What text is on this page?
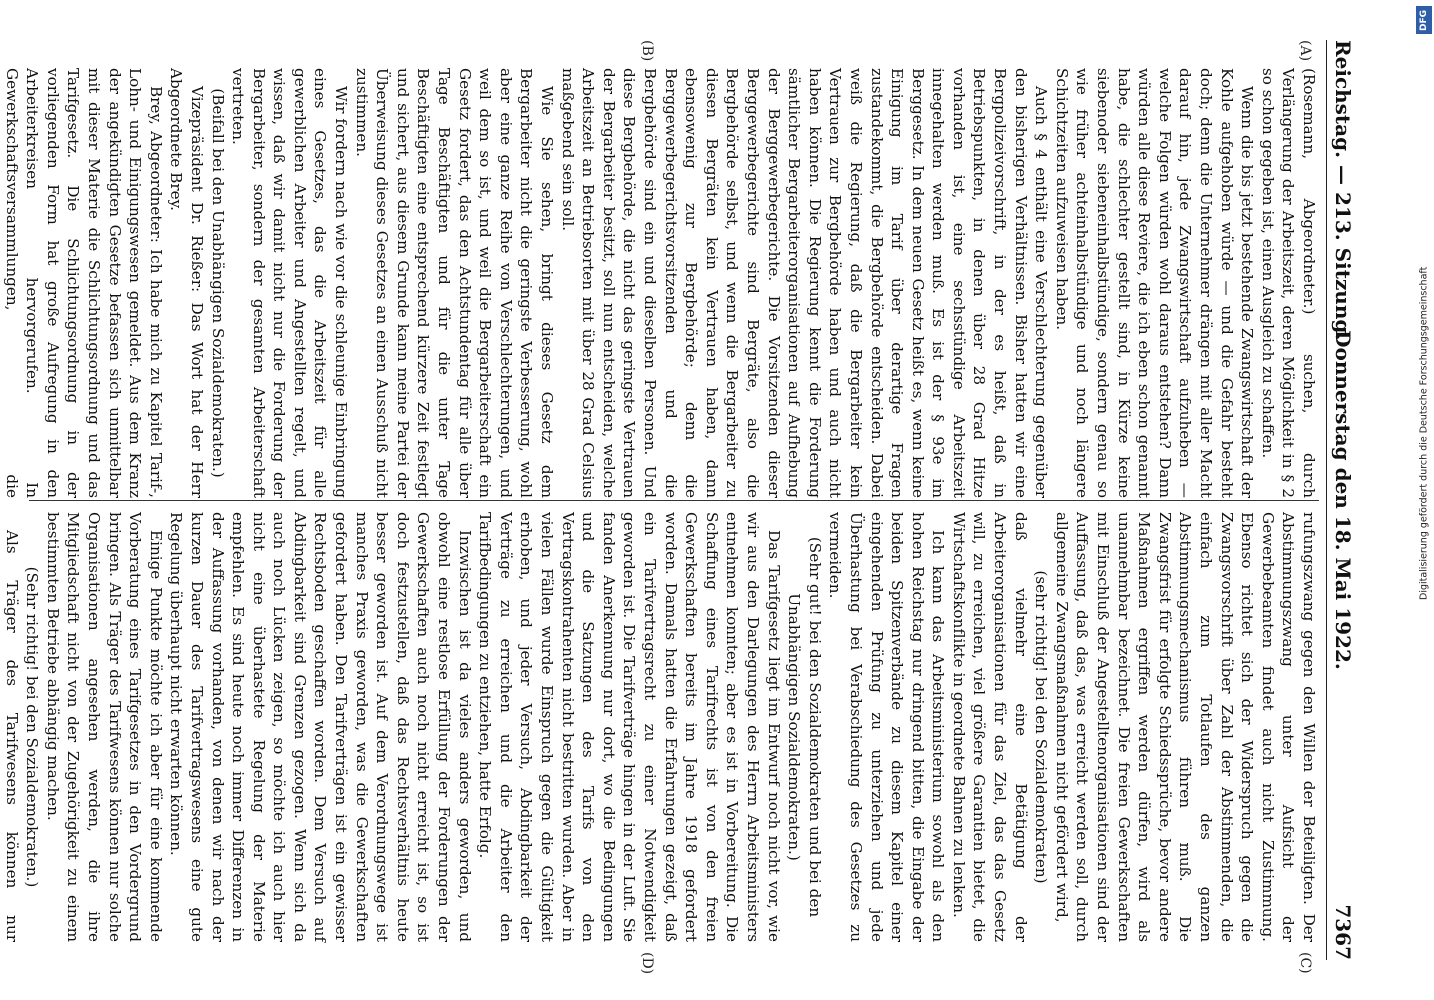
Reichstag. — 213. Sitzung.
Donnerstag den 18. Mai 1922.
7367
(A)
(B)
(C)
(D)

(Rosemann, Abgeordneter.) suchen, durch Verlängerung der Arbeitszeit, deren Möglichkeit in § 2 so schon gegeben ist, einen Ausgleich zu schaffen.

Wenn die bis jetzt bestehende Zwangswirtschaft der Kohle aufgehoben würde — und die Gefahr besteht doch; denn die Unternehmer drängen mit aller Macht darauf hin, jede Zwangswirtschaft aufzuheben — welche Folgen würden wohl daraus entstehen? Dann würden alle diese Reviere, die ich eben schon genannt habe, die schlechter gestellt sind, in Kürze keine siebenoder siebeneinhalbstündige, sondern genau so wie früher achteinhalbstündige und noch längere Schichtzeiten aufzuweisen haben.

Auch § 4 enthält eine Verschlechterung gegenüber den bisherigen Verhältnissen. Bisher hatten wir eine Bergpolizeivorschrift, in der es heißt, daß in Betriebspunkten, in denen über 28 Grad Hitze vorhanden ist, eine sechsstündige Arbeitszeit innegehalten werden muß. Es ist der § 93e im Berggesetz. In dem neuen Gesetz heißt es, wenn keine Einigung im Tarif über derartige Fragen zustandekommt, die Bergbehörde entscheiden. Dabei weiß die Regierung, daß die Bergarbeiter kein Vertrauen zur Bergbehörde haben und auch nicht haben können. Die Regierung kennt die Forderung sämtlicher Bergarbeiterorganisationen auf Aufhebung der Berggewerbegerichte. Die Vorsitzenden dieser Berggewerbegerichte sind Bergräte, also die Bergbehörde selbst, und wenn die Bergarbeiter zu diesen Bergräten kein Vertrauen haben, dann ebensowenig zur Bergbehörde; denn die Berggewerbegerichtsvorsitzenden und die Bergbehörde sind ein und dieselben Personen. Und diese Bergbehörde, die nicht das geringste Vertrauen der Bergarbeiter besitzt, soll nun entscheiden, welche Arbeitszeit an Betriebsorten mit über 28 Grad Celsius maßgebend sein soll.

Wie Sie sehen, bringt dieses Gesetz dem Bergarbeiter nicht die geringste Verbesserung, wohl aber eine ganze Reihe von Verschlechterungen, und weil dem so ist, und weil die Bergarbeiterschaft ein Gesetz fordert, das den Achtstundentag für alle über Tage Beschäftigten und für die unter Tage Beschäftigten eine entsprechend kürzere Zeit festlegt und sichert, aus diesem Grunde kann meine Partei der Überweisung dieses Gesetzes an einen Ausschuß nicht zustimmen.

Wir fordern nach wie vor die schleunige Einbringung eines Gesetzes, das die Arbeitszeit für alle gewerblichen Arbeiter und Angestellten regelt, und wissen, daß wir damit nicht nur die Forderung der Bergarbeiter, sondern der gesamten Arbeiterschaft vertreten.

(Beifall bei den Unabhängigen Sozialdemokraten.)

Vizepräsident Dr. Rießer: Das Wort hat der Herr Abgeordnete Brey.

Brey, Abgeordneter: Ich habe mich zu Kapitel Tarif-, Lohn- und Einigungswesen gemeldet. Aus dem Kranz der angekündigten Gesetze befassen sich unmittelbar mit dieser Materie die Schlichtungsordnung und das Tarifgesetz. Die Schlichtungsordnung in der vorliegenden Form hat große Aufregung in den Arbeiterkreisen hervorgerufen. In Gewerkschaftsversammlungen, die

rufungszwang gegen den Willen der Beteiligten. Der Abstimmungszwang unter Aufsicht der Gewerbebeamten findet auch nicht Zustimmung. Ebenso richtet sich der Widerspruch gegen die Zwangsvorschrift über Zahl der Abstimmenden, die einfach zum Totlaufen des ganzen Abstimmungsmechanismus führen muß. Die Zwangsfrist für erfolgte Schiedssprüche, bevor andere Maßnahmen ergriffen werden dürfen, wird als unannehmbar bezeichnet. Die freien Gewerkschaften mit Einschluß der Angestelltenorganisationen sind der Auffassung, daß das, was erreicht werden soll, durch allgemeine Zwangsmaßnahmen nicht gefördert wird,

(sehr richtig! bei den Sozialdemokraten)

daß vielmehr eine Betätigung der Arbeiterorganisationen für das Ziel, das das Gesetz will, zu erreichen, viel größere Garantien bietet, die Wirtschaftskonflikte in geordnete Bahnen zu lenken.

Ich kann das Arbeitsministerium sowohl als den hohen Reichstag nur dringend bitten, die Eingabe der beiden Spitzenverbände zu diesem Kapitel einer eingehenden Prüfung zu unterziehen und jede Überhastung bei Verabschiedung des Gesetzes zu vermeiden.

(Sehr gut! bei den Sozialdemokraten und bei den Unabhängigen Sozialdemokraten.)

Das Tarifgesetz liegt im Entwurf noch nicht vor, wie wir aus den Darlegungen des Herrn Arbeitsministers entnehmen konnten; aber es ist in Vorbereitung. Die Schaffung eines Tarifrechts ist von den freien Gewerkschaften bereits im Jahre 1918 gefordert worden. Damals hatten die Erfahrungen gezeigt, daß ein Tarifvertragsrecht zu einer Notwendigkeit geworden ist. Die Tarifverträge hingen in der Luft. Sie fanden Anerkennung nur dort, wo die Bedingungen und die Satzungen des Tarifs von den Vertragskontrahenten nicht bestritten wurden. Aber in vielen Fällen wurde Einspruch gegen die Gültigkeit erhoben, und jeder Versuch, Abdingbarkeit der Verträge zu erreichen und die Arbeiter den Tarifbedingungen zu entziehen, hatte Erfolg.

Inzwischen ist da vieles anders geworden, und obwohl eine restlose Erfüllung der Forderungen der Gewerkschaften auch noch nicht erreicht ist, so ist doch festzustellen, daß das Rechtsverhältnis heute besser geworden ist. Auf dem Verordnungswege ist manches Praxis geworden, was die Gewerkschaften gefordert haben. Den Tarifverträgen ist ein gewisser Rechtsboden geschaffen worden. Dem Versuch auf Abdingbarkeit sind Grenzen gezogen. Wenn sich da auch noch Lücken zeigen, so möchte ich auch hier nicht eine überhastete Regelung der Materie empfehlen. Es sind heute noch immer Differenzen in der Auffassung vorhanden, von denen wir nach der kurzen Dauer des Tarifvertragswesens eine gute Regelung überhaupt nicht erwarten können.

Einige Punkte möchte ich aber für eine kommende Vorberatung eines Tarifgesetzes in den Vordergrund bringen. Als Träger des Tarifwesens können nur solche Organisationen angesehen werden, die ihre Mitgliedschaft nicht von der Zugehörigkeit zu einem bestimmten Betriebe abhängig machen.

(Sehr richtig! bei den Sozialdemokraten.)

Als Träger des Tarifwesens können nur

DFG
Digitalisierung gefördert durch die Deutsche Forschungsgemeinschaft
